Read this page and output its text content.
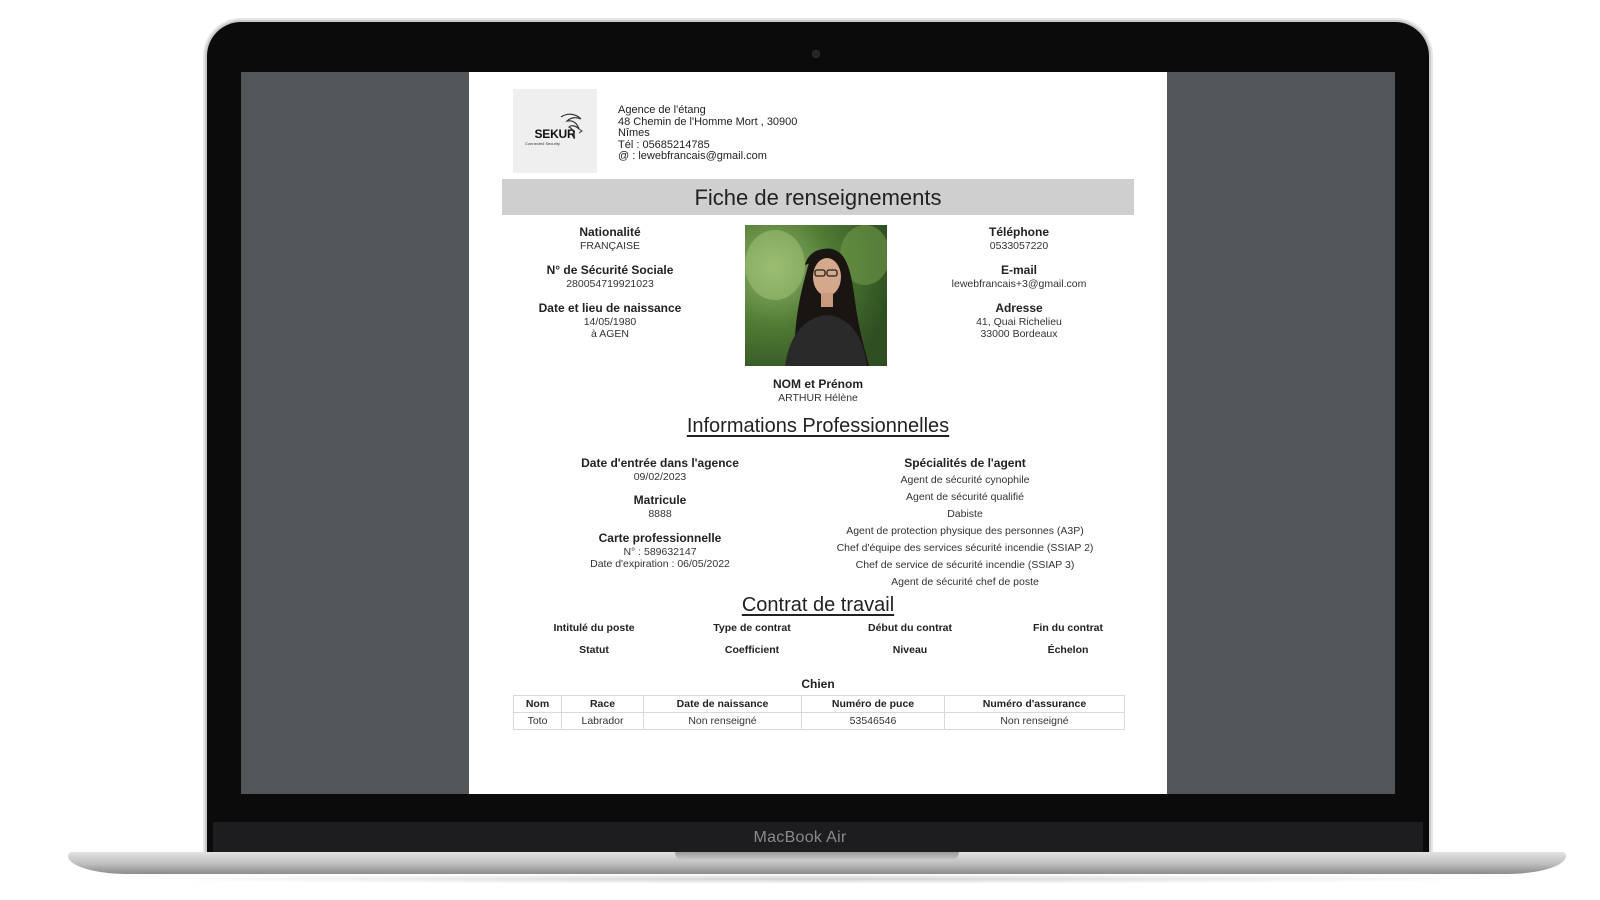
SEKUR
Connected Security
Agence de l'étang
48 Chemin de l'Homme Mort , 30900
Nîmes
Tél : 05685214785
@ : lewebfrancais@gmail.com
Fiche de renseignements
Nationalité
FRANÇAISE
N° de Sécurité Sociale
280054719921023
Date et lieu de naissance
14/05/1980
à AGEN
Téléphone
0533057220
E-mail
lewebfrancais+3@gmail.com
Adresse
41, Quai Richelieu
33000 Bordeaux
NOM et Prénom
ARTHUR Hélène
Informations Professionnelles
Date d'entrée dans l'agence
09/02/2023
Matricule
8888
Carte professionnelle
N° : 589632147
Date d'expiration : 06/05/2022
Spécialités de l'agent
Agent de sécurité cynophile
Agent de sécurité qualifié
Dabiste
Agent de protection physique des personnes (A3P)
Chef d'équipe des services sécurité incendie (SSIAP 2)
Chef de service de sécurité incendie (SSIAP 3)
Agent de sécurité chef de poste
Contrat de travail
Intitulé du poste	Type de contrat	Début du contrat	Fin du contrat
Statut	Coefficient	Niveau	Échelon
Chien
Nom	Race	Date de naissance	Numéro de puce	Numéro d'assurance
Toto	Labrador	Non renseigné	53546546	Non renseigné
MacBook Air
